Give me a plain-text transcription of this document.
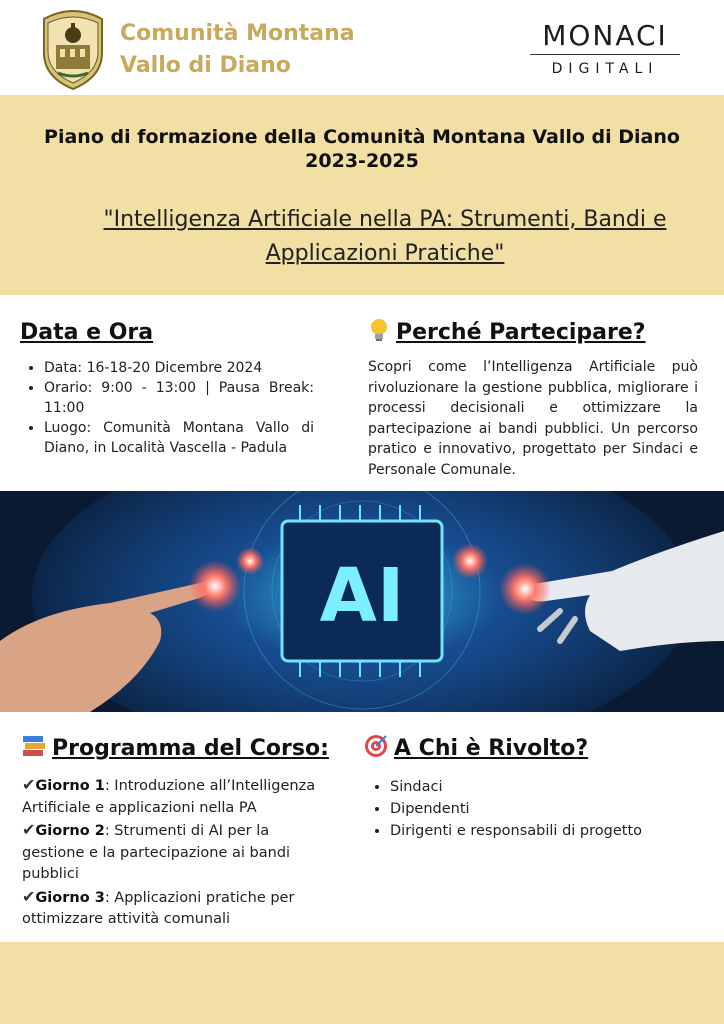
Comunità Montana
Vallo di Diano
MONACI
DIGITALI
Piano di formazione della Comunità Montana Vallo di Diano
2023-2025
"Intelligenza Artificiale nella PA: Strumenti, Bandi e Applicazioni Pratiche"
Data e Ora
• Data: 16-18-20 Dicembre 2024
• Orario: 9:00 - 13:00 | Pausa Break: 11:00
• Luogo: Comunità Montana Vallo di Diano, in Località Vascella - Padula
Perché Partecipare?
Scopri come l’Intelligenza Artificiale può rivoluzionare la gestione pubblica, migliorare i processi decisionali e ottimizzare la partecipazione ai bandi pubblici. Un percorso pratico e innovativo, progettato per Sindaci e Personale Comunale.
AI
Programma del Corso:
✔Giorno 1: Introduzione all’Intelligenza Artificiale e applicazioni nella PA
✔Giorno 2: Strumenti di AI per la gestione e la partecipazione ai bandi pubblici
✔Giorno 3: Applicazioni pratiche per ottimizzare attività comunali
A Chi è Rivolto?
• Sindaci
• Dipendenti
• Dirigenti e responsabili di progetto
